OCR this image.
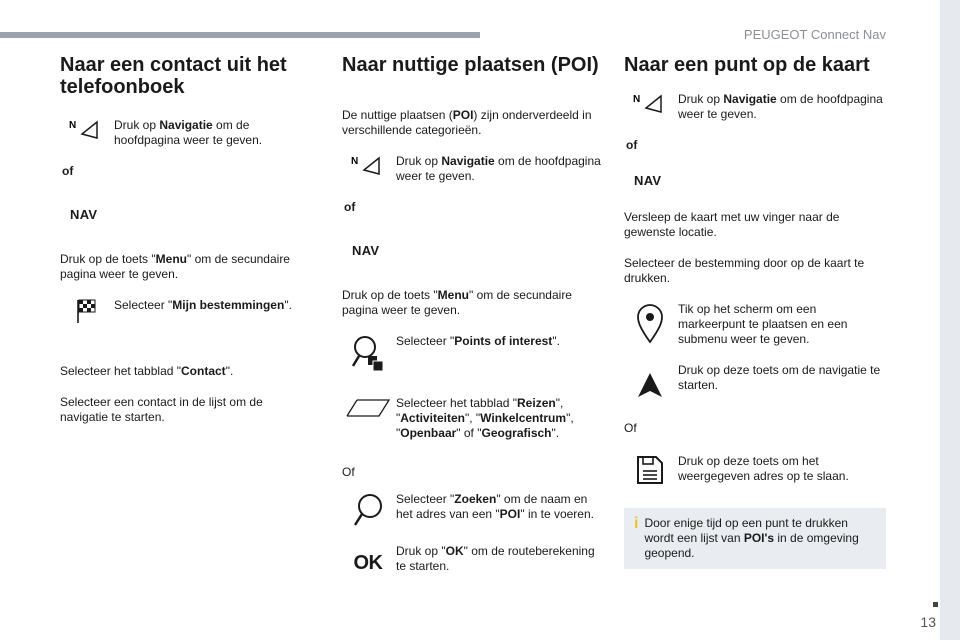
PEUGEOT Connect Nav
13
Naar een contact uit het telefoonboek
N	Druk op Navigatie om de hoofdpagina weer te geven.
of
NAV
Druk op de toets "Menu" om de secundaire pagina weer te geven.
Selecteer "Mijn bestemmingen".
Selecteer het tabblad "Contact".
Selecteer een contact in de lijst om de navigatie te starten.
Naar nuttige plaatsen (POI)
De nuttige plaatsen (POI) zijn onderverdeeld in verschillende categorieën.
N	Druk op Navigatie om de hoofdpagina weer te geven.
of
NAV
Druk op de toets "Menu" om de secundaire pagina weer te geven.
Selecteer "Points of interest".
Selecteer het tabblad "Reizen", "Activiteiten", "Winkelcentrum", "Openbaar" of "Geografisch".
Of
Selecteer "Zoeken" om de naam en het adres van een "POI" in te voeren.
OK
Druk op "OK" om de routeberekening te starten.
Naar een punt op de kaart
N	Druk op Navigatie om de hoofdpagina weer te geven.
of
NAV
Versleep de kaart met uw vinger naar de gewenste locatie.
Selecteer de bestemming door op de kaart te drukken.
Tik op het scherm om een markeerpunt te plaatsen en een submenu weer te geven.
Druk op deze toets om de navigatie te starten.
Of
Druk op deze toets om het weergegeven adres op te slaan.
i Door enige tijd op een punt te drukken wordt een lijst van POI's in de omgeving geopend.
